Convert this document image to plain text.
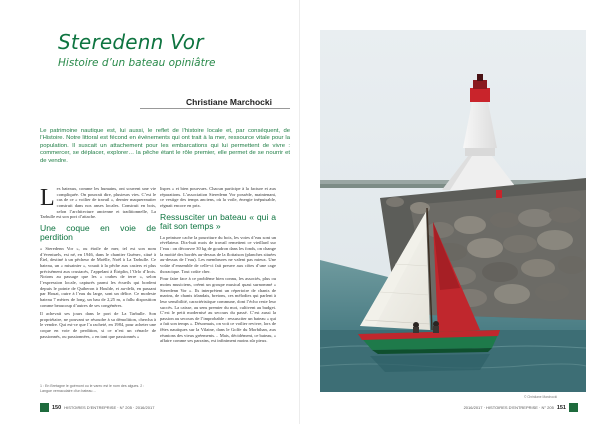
Steredenn Vor
Histoire d’un bateau opiniâtre
Christiane Marchocki
Le patrimoine nautique est, lui aussi, le reflet de l’histoire locale et, par conséquent, de l’Histoire. Notre littoral est fécond en événements qui ont trait à la mer, ressource vitale pour la population. Il suscait un attachement pour les embarcations qui lui permettent de vivre : commercer, se déplacer, explorer… la pêche étant le rôle premier, elle permet de se nourrir et de vendre.
L es bateaux, comme les humains, ont souvent une vie compliquée. On pourrait dire, plusieurs vies. C’est le cas de ce « voilier de travail », dernier maquereautier construit dans nos anses locales. Construit en bois, selon l’architecture ancienne et traditionnelle, La Tarbulle est son port d’attache.

Une coque en voie de perdition

« Steredenn Vor », ou étoile de mer, tel est son nom d’éventuels, est né, en 1946, dans le chantier Guénec, situé à Étel, destiné à un pêcheur de Moëlle, Noël à La Tarbulle. Ce bateau, un « misainier », vouait à la pêche aux casiers et plus précisément aux crustacés, l’appelant à Étriplin, l’Orlo d’Irois. Notons au passage que les « crabes de terre », selon l’expression locale, capturés parmi les écueils qui bordent depuis le pointe de Quiberon à Houlde, et au-delà, en passant par Houat, outre à l’eau du large, sont un délice. Ce modeste bateau 7 mètres de long, un bau de 2,25 m, a fallu disposition comme beaucoup d’autres de ses congénères.

Il achevait ses jours dans le port de La Tarbulle. Son propriétaire, ne pouvant se résoudre à sa démolition, chercha à le vendre. Qui est-ce que l’a racheté, en 1984, pour acheter une coque en voie de perdition, si ce n’est un cénacle de passionnés, ou passionnées, « en tant que passionnés »

lispes » et bien pourvues. Chacun participe à la facture et aux réparations. L’association Steredenn Vor possède, maintenant, ce vestige des temps anciens, où la voile, énergie inépuisable, régnait encore en prix.

Ressusciter un bateau « qui a fait son temps »

La peinture cache la pourriture du bois, les voies d’eau sont un révélateur. Dix-huit mois de travail remettent ce vieillard sur l’eau : on découvre 30 kg de goudron dans les fonds, on change la moitié des bordés au-dessus de la flottaison (planches situées au-dessus de l’eau). Les membrures ne valent pas mieux. Une voûte d’ensemble de celle-ci fait preuve aux côtes d’une cage thoracique. Tout coûte cher.

Pour faire face à ce problème bien connu, les associés, plus ou moins musiciens, créent un groupe musical quasi surnommé « Steredenn Vor ». Ils interprètent un répertoire de chants de marins, de chants irlandais, bretons, ces mélodies qui parlent à leur sensibilité, caractéristique commune, dont l’écho reste leur succès. La caisse, au sens premier du mot, cultivent au budget. C’est le petit modernisé au secours du passé. C’est aussi la passion au secours de l’improbable : ressusciter un bateau « qui a fait son temps ». Désormais, on voit ce voilier revivre, lors de fêtes nautiques sur la Vilaine, dans le Golfe du Morbihan, aux réunions des vieux gréements… Mais, décidément, ce bateau, « affaire comme ses parrains, est infiniment moins sûr pieux.

1 : En Bretagne le goémont ou le varec est le nom des algues. 2 : Langue vernaculaire d’un bateau…
150 HISTOIRES D’ENTREPRISE · N° 205 · 2016/2017
© Christiane Marchocki
2016/2017 · HISTOIRES D’ENTREPRISE · N° 205 151
